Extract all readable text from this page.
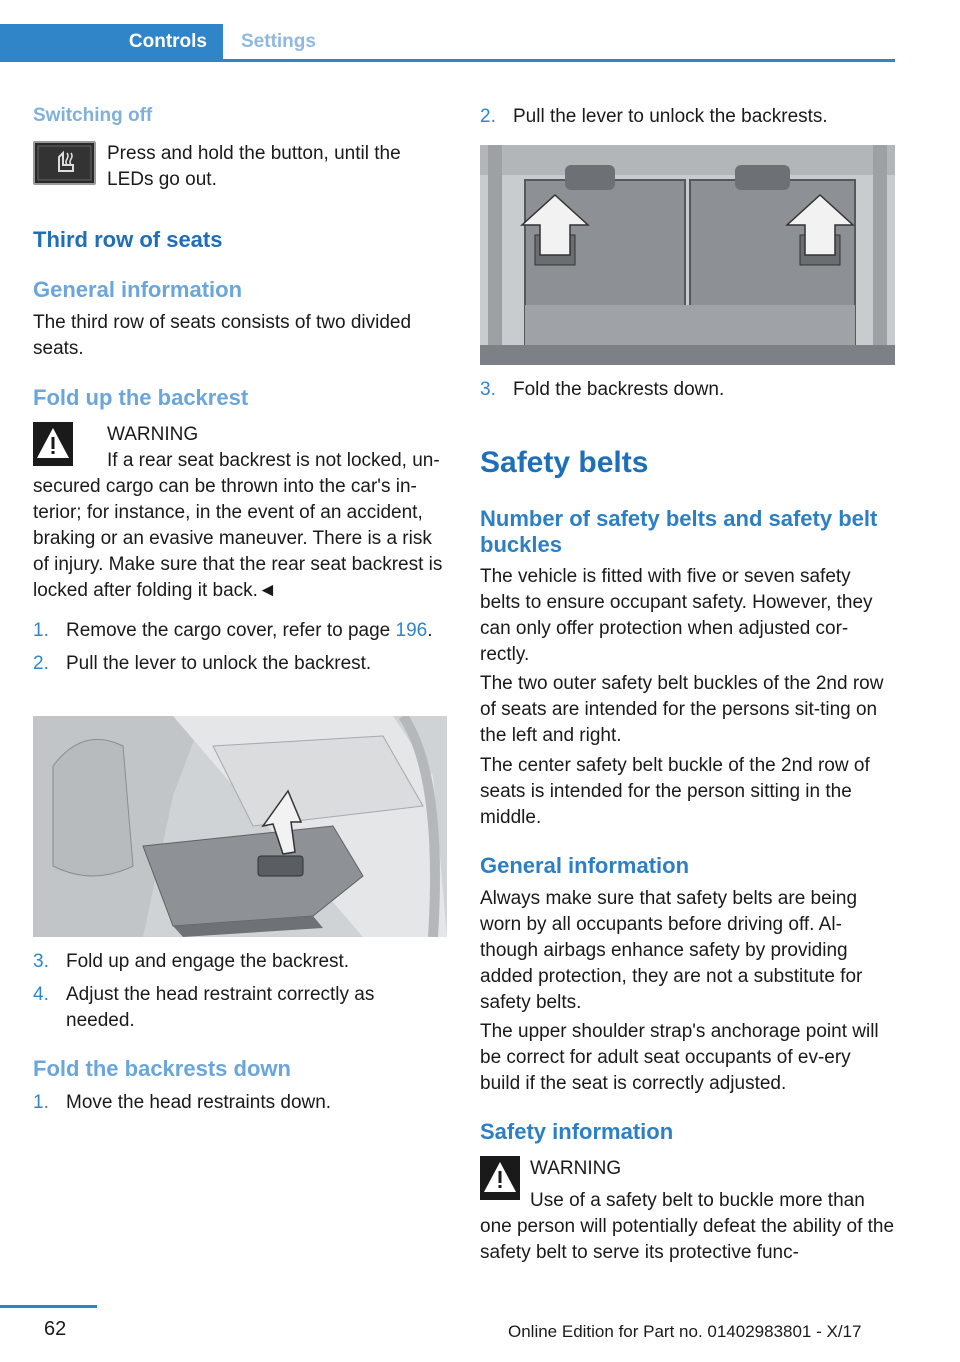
Controls	Settings
Switching off
Press and hold the button, until the LEDs go out.
Third row of seats
General information
The third row of seats consists of two divided seats.
Fold up the backrest
WARNING
If a rear seat backrest is not locked, un-
secured cargo can be thrown into the car's in-terior; for instance, in the event of an accident, braking or an evasive maneuver. There is a risk of injury. Make sure that the rear seat backrest is locked after folding it back.◄
1. Remove the cargo cover, refer to page 196.
2. Pull the lever to unlock the backrest.
3. Fold up and engage the backrest.
4. Adjust the head restraint correctly as needed.
Fold the backrests down
1. Move the head restraints down.
2. Pull the lever to unlock the backrests.
3. Fold the backrests down.
Safety belts
Number of safety belts and safety belt buckles
The vehicle is fitted with five or seven safety belts to ensure occupant safety. However, they can only offer protection when adjusted cor-rectly.
The two outer safety belt buckles of the 2nd row of seats are intended for the persons sit-ting on the left and right.
The center safety belt buckle of the 2nd row of seats is intended for the person sitting in the middle.
General information
Always make sure that safety belts are being worn by all occupants before driving off. Al-though airbags enhance safety by providing added protection, they are not a substitute for safety belts.
The upper shoulder strap's anchorage point will be correct for adult seat occupants of ev-ery build if the seat is correctly adjusted.
Safety information
WARNING
Use of a safety belt to buckle more than
one person will potentially defeat the ability of the safety belt to serve its protective func-
62	Online Edition for Part no. 01402983801 - X/17
